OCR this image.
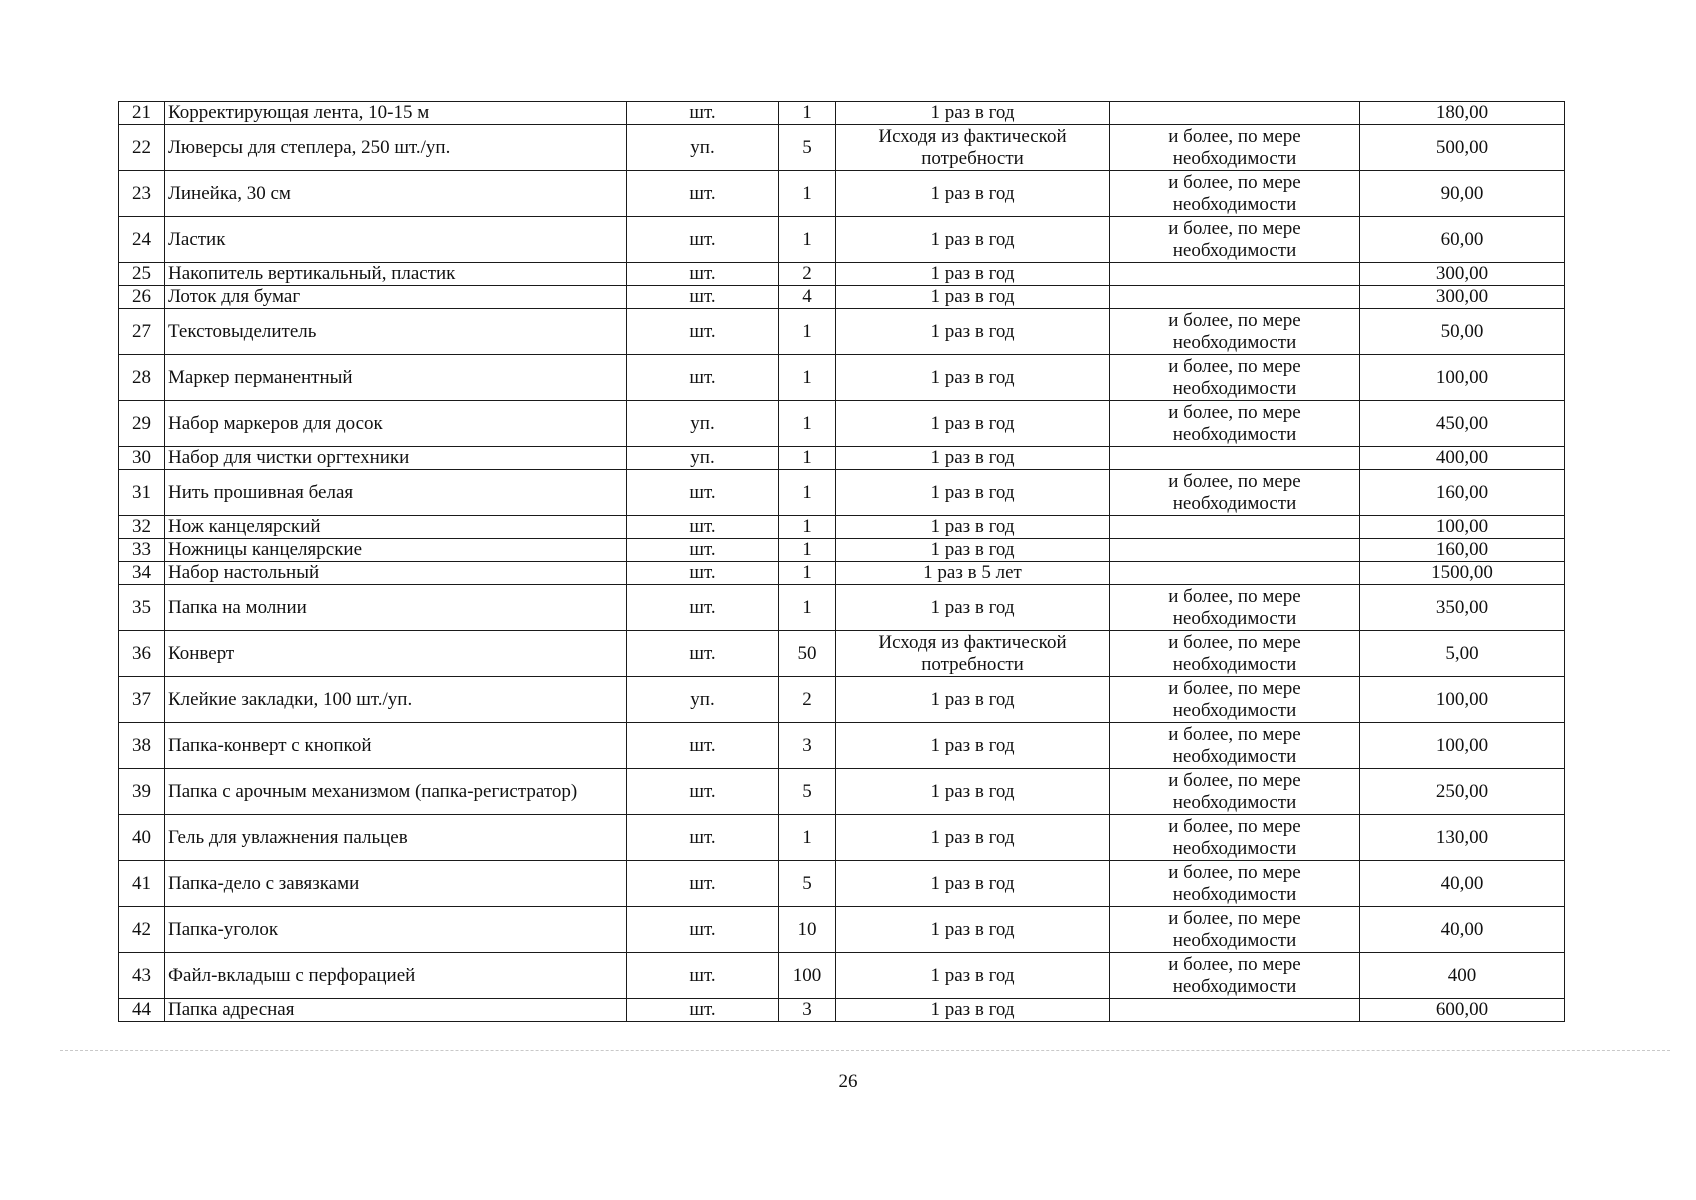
21	Корректирующая лента, 10-15 м	шт.	1	1 раз в год		180,00
22	Люверсы для степлера, 250 шт./уп.	уп.	5	Исходя из фактической потребности	и более, по мере необходимости	500,00
23	Линейка, 30 см	шт.	1	1 раз в год	и более, по мере необходимости	90,00
24	Ластик	шт.	1	1 раз в год	и более, по мере необходимости	60,00
25	Накопитель вертикальный, пластик	шт.	2	1 раз в год		300,00
26	Лоток для бумаг	шт.	4	1 раз в год		300,00
27	Текстовыделитель	шт.	1	1 раз в год	и более, по мере необходимости	50,00
28	Маркер перманентный	шт.	1	1 раз в год	и более, по мере необходимости	100,00
29	Набор маркеров для досок	уп.	1	1 раз в год	и более, по мере необходимости	450,00
30	Набор для чистки оргтехники	уп.	1	1 раз в год		400,00
31	Нить прошивная белая	шт.	1	1 раз в год	и более, по мере необходимости	160,00
32	Нож канцелярский	шт.	1	1 раз в год		100,00
33	Ножницы канцелярские	шт.	1	1 раз в год		160,00
34	Набор настольный	шт.	1	1 раз в 5 лет		1500,00
35	Папка на молнии	шт.	1	1 раз в год	и более, по мере необходимости	350,00
36	Конверт	шт.	50	Исходя из фактической потребности	и более, по мере необходимости	5,00
37	Клейкие закладки, 100 шт./уп.	уп.	2	1 раз в год	и более, по мере необходимости	100,00
38	Папка-конверт с кнопкой	шт.	3	1 раз в год	и более, по мере необходимости	100,00
39	Папка с арочным механизмом (папка-регистратор)	шт.	5	1 раз в год	и более, по мере необходимости	250,00
40	Гель для увлажнения пальцев	шт.	1	1 раз в год	и более, по мере необходимости	130,00
41	Папка-дело с завязками	шт.	5	1 раз в год	и более, по мере необходимости	40,00
42	Папка-уголок	шт.	10	1 раз в год	и более, по мере необходимости	40,00
43	Файл-вкладыш с перфорацией	шт.	100	1 раз в год	и более, по мере необходимости	400
44	Папка адресная	шт.	3	1 раз в год		600,00
26
